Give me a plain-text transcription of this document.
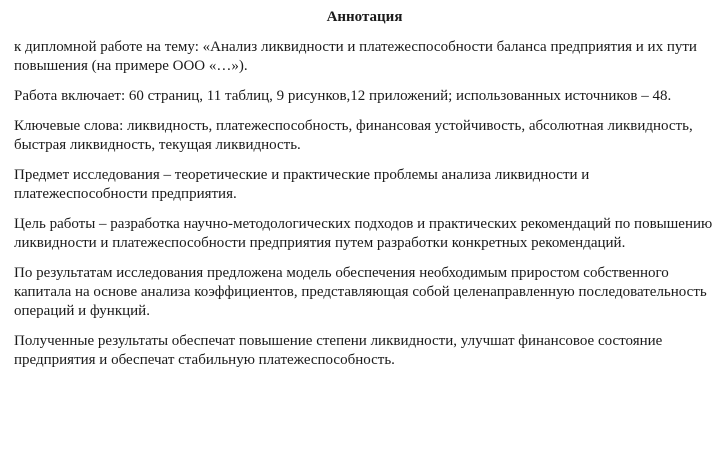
Аннотация

к дипломной работе на тему: «Анализ ликвидности и платежеспособности баланса предприятия и их пути повышения (на примере ООО «…»).

Работа включает: 60 страниц, 11 таблиц, 9 рисунков,12 приложений; использованных источников – 48.

Ключевые слова: ликвидность, платежеспособность, финансовая устойчивость, абсолютная ликвидность, быстрая ликвидность, текущая ликвидность.

Предмет исследования – теоретические и практические проблемы анализа ликвидности и платежеспособности предприятия.

Цель работы – разработка научно-методологических подходов и практических рекомендаций по повышению ликвидности и платежеспособности предприятия путем разработки конкретных рекомендаций.

По результатам исследования предложена модель обеспечения необходимым приростом собственного капитала на основе анализа коэффициентов, представляющая собой целенаправленную последовательность операций и функций.

Полученные результаты обеспечат повышение степени ликвидности, улучшат финансовое состояние предприятия и обеспечат стабильную платежеспособность.
